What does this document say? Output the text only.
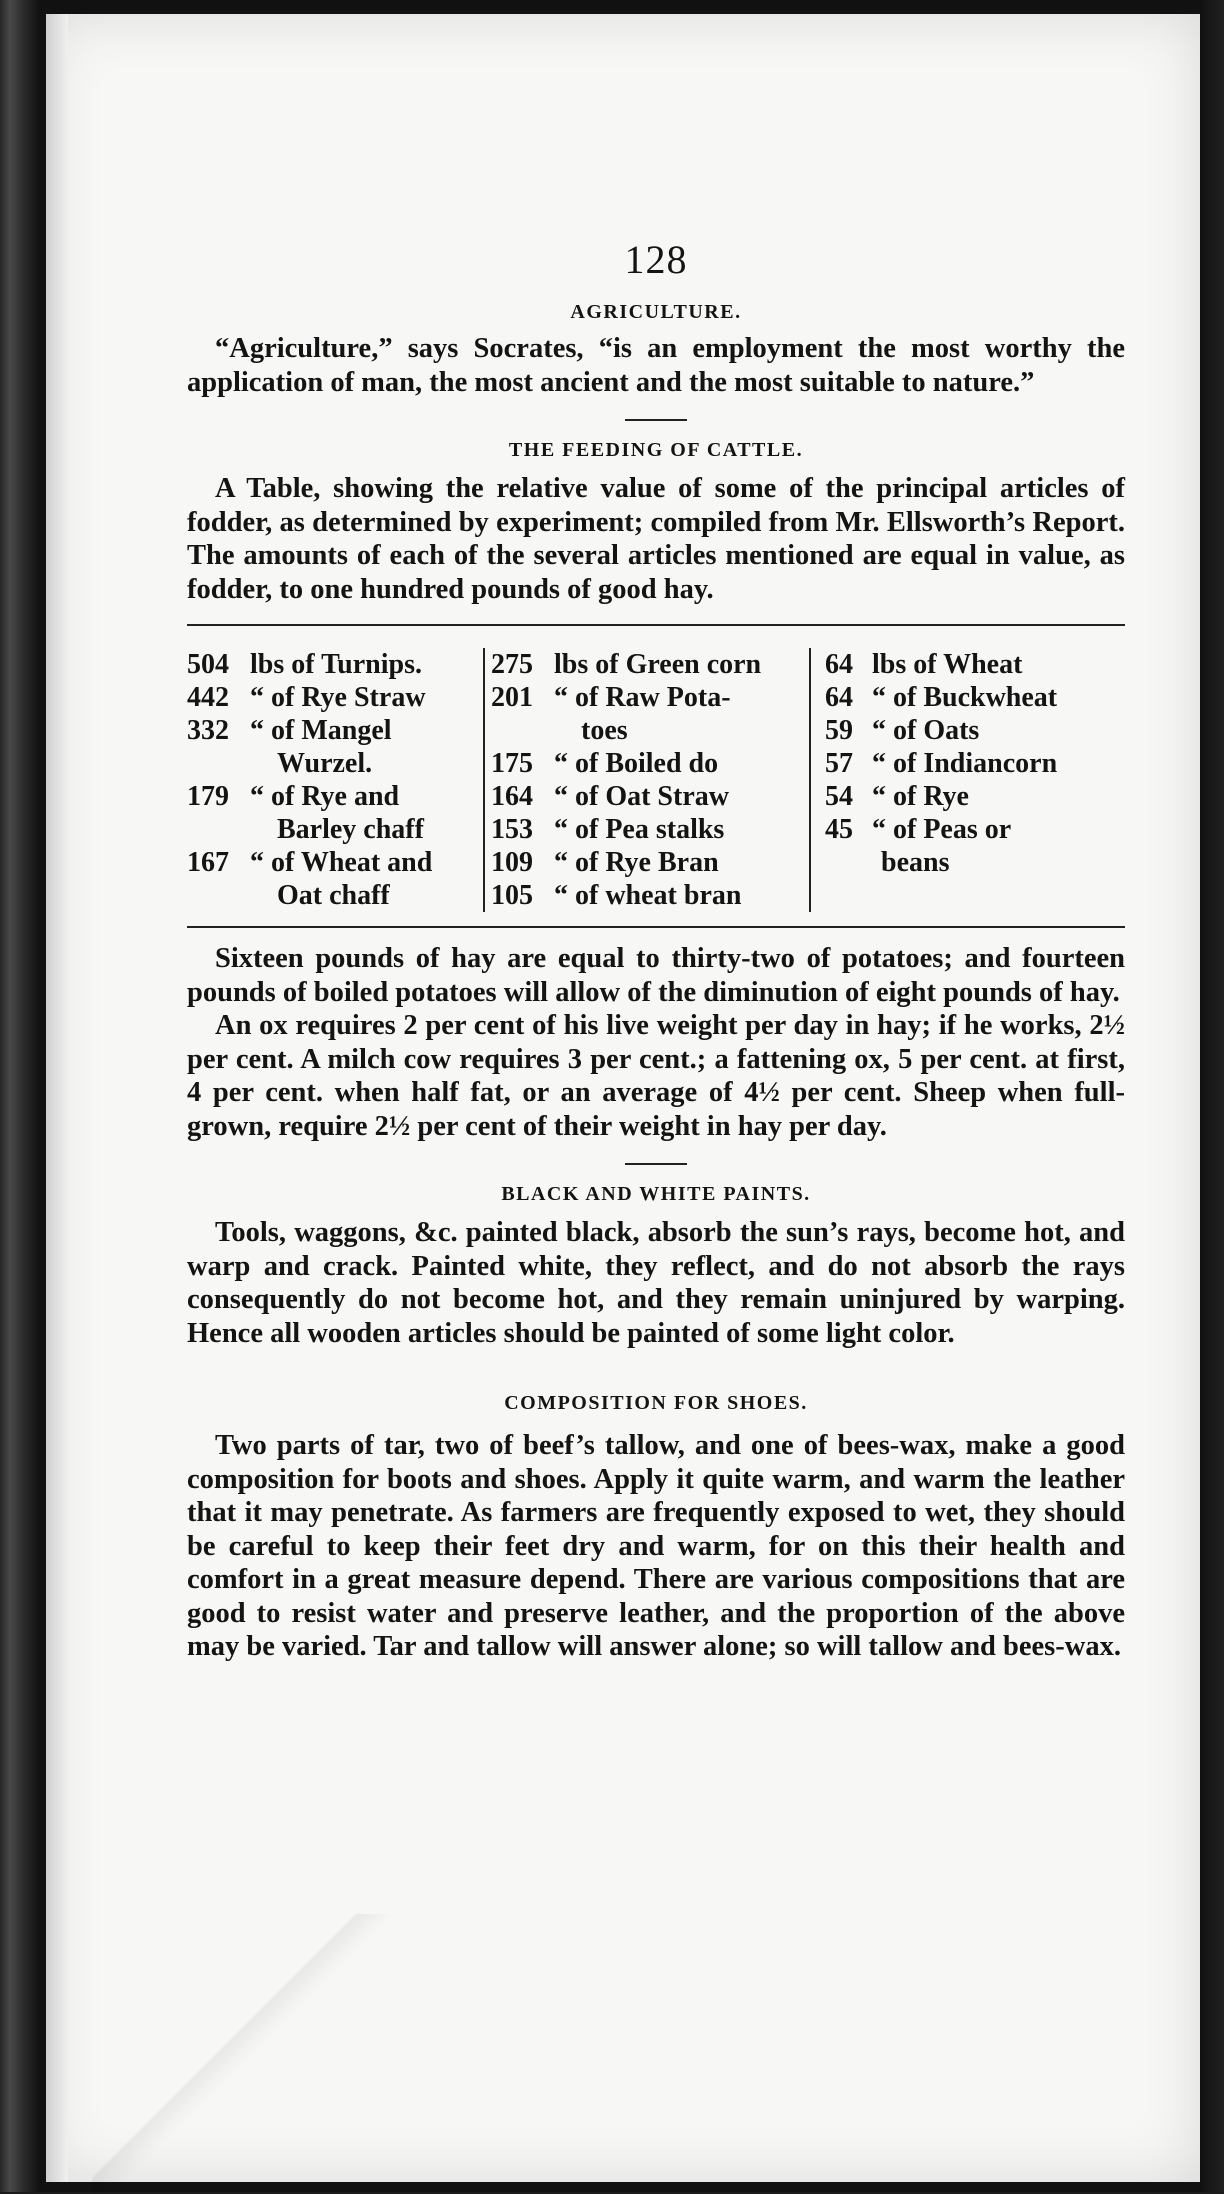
128
AGRICULTURE.

“Agriculture,” says Socrates, “is an employment the most worthy the application of man, the most ancient and the most suitable to nature.”

THE FEEDING OF CATTLE.

A Table, showing the relative value of some of the principal articles of fodder, as determined by experiment; compiled from Mr. Ellsworth’s Report. The amounts of each of the several articles mentioned are equal in value, as fodder, to one hundred pounds of good hay.

504
lbs of Turnips.
442
“ of Rye Straw
332
“ of Mangel
Wurzel.
179
“ of Rye and
Barley chaff
167
“ of Wheat and
Oat chaff
275
lbs of Green corn
201
“ of Raw Pota-
toes
175
“ of Boiled do
164
“ of Oat Straw
153
“ of Pea stalks
109
“ of Rye Bran
105
“ of wheat bran
64
lbs of Wheat
64
“ of Buckwheat
59
“ of Oats
57
“ of Indiancorn
54
“ of Rye
45
“ of Peas or
beans

Sixteen pounds of hay are equal to thirty-two of potatoes; and fourteen pounds of boiled potatoes will allow of the diminution of eight pounds of hay.

An ox requires 2 per cent of his live weight per day in hay; if he works, 2½ per cent. A milch cow requires 3 per cent.; a fattening ox, 5 per cent. at first, 4 per cent. when half fat, or an average of 4½ per cent. Sheep when full-grown, require 2½ per cent of their weight in hay per day.

BLACK AND WHITE PAINTS.

Tools, waggons, &c. painted black, absorb the sun’s rays, become hot, and warp and crack. Painted white, they reflect, and do not absorb the rays consequently do not become hot, and they remain uninjured by warping. Hence all wooden articles should be painted of some light color.

COMPOSITION FOR SHOES.

Two parts of tar, two of beef’s tallow, and one of bees-wax, make a good composition for boots and shoes. Apply it quite warm, and warm the leather that it may penetrate. As farmers are frequently exposed to wet, they should be careful to keep their feet dry and warm, for on this their health and comfort in a great measure depend. There are various compositions that are good to resist water and preserve leather, and the proportion of the above may be varied. Tar and tallow will answer alone; so will tallow and bees-wax.
